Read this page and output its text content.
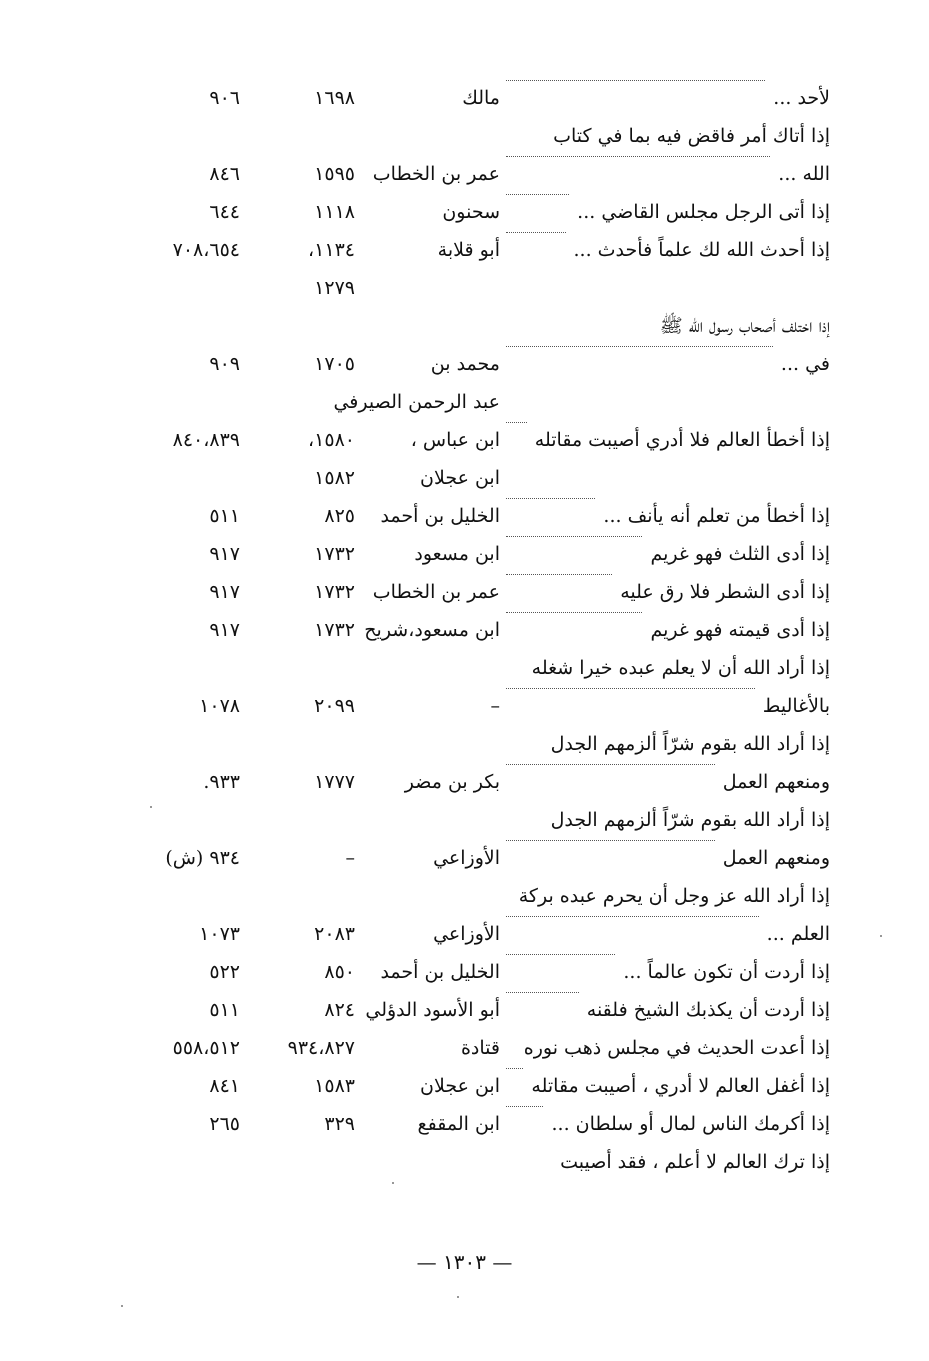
لأحد ...
مالك
١٦٩٨
٩٠٦
إذا أتاك أمر فاقض فيه بما في كتاب
الله ...
عمر بن الخطاب
١٥٩٥
٨٤٦
إذا أتى الرجل مجلس القاضي ...
سحنون
١١١٨
٦٤٤
إذا أحدث الله لك علماً فأحدث ...
أبو قلابة
١١٣٤،
٧٠٨،٦٥٤
١٢٧٩
إذا اختلف أصحاب رسول الله ﷺ
في ...
محمد بن
١٧٠٥
٩٠٩
عبد الرحمن الصيرفي
إذا أخطأ العالم فلا أدري أصيبت مقاتله
ابن عباس ،
١٥٨٠،
٨٤٠،٨٣٩
ابن عجلان
١٥٨٢
إذا أخطأ من تعلم أنه يأنف ...
الخليل بن أحمد
٨٢٥
٥١١
إذا أدى الثلث فهو غريم
ابن مسعود
١٧٣٢
٩١٧
إذا أدى الشطر فلا رق عليه
عمر بن الخطاب
١٧٣٢
٩١٧
إذا أدى قيمته فهو غريم
ابن مسعود،شريح
١٧٣٢
٩١٧
إذا أراد الله أن لا يعلم عبده خيرا شغله
بالأغاليط
–
٢٠٩٩
١٠٧٨
إذا أراد الله بقوم شرّاً ألزمهم الجدل
ومنعهم العمل
بكر بن مضر
١٧٧٧
٩٣٣.
إذا أراد الله بقوم شرّاً ألزمهم الجدل
ومنعهم العمل
الأوزاعي
–
٩٣٤ (ش)
إذا أراد الله عز وجل أن يحرم عبده بركة
العلم ...
الأوزاعي
٢٠٨٣
١٠٧٣
إذا أردت أن تكون عالماً ...
الخليل بن أحمد
٨٥٠
٥٢٢
إذا أردت أن يكذبك الشيخ فلقنه
أبو الأسود الدؤلي
٨٢٤
٥١١
إذا أعدت الحديث في مجلس ذهب نوره
قتادة
٩٣٤،٨٢٧
٥٥٨،٥١٢
إذا أغفل العالم لا أدري ، أصيبت مقاتله
ابن عجلان
١٥٨٣
٨٤١
إذا أكرمك الناس لمال أو سلطان ...
ابن المقفع
٣٢٩
٢٦٥
إذا ترك العالم لا أعلم ، فقد أصيبت
— ١٣٠٣ —
